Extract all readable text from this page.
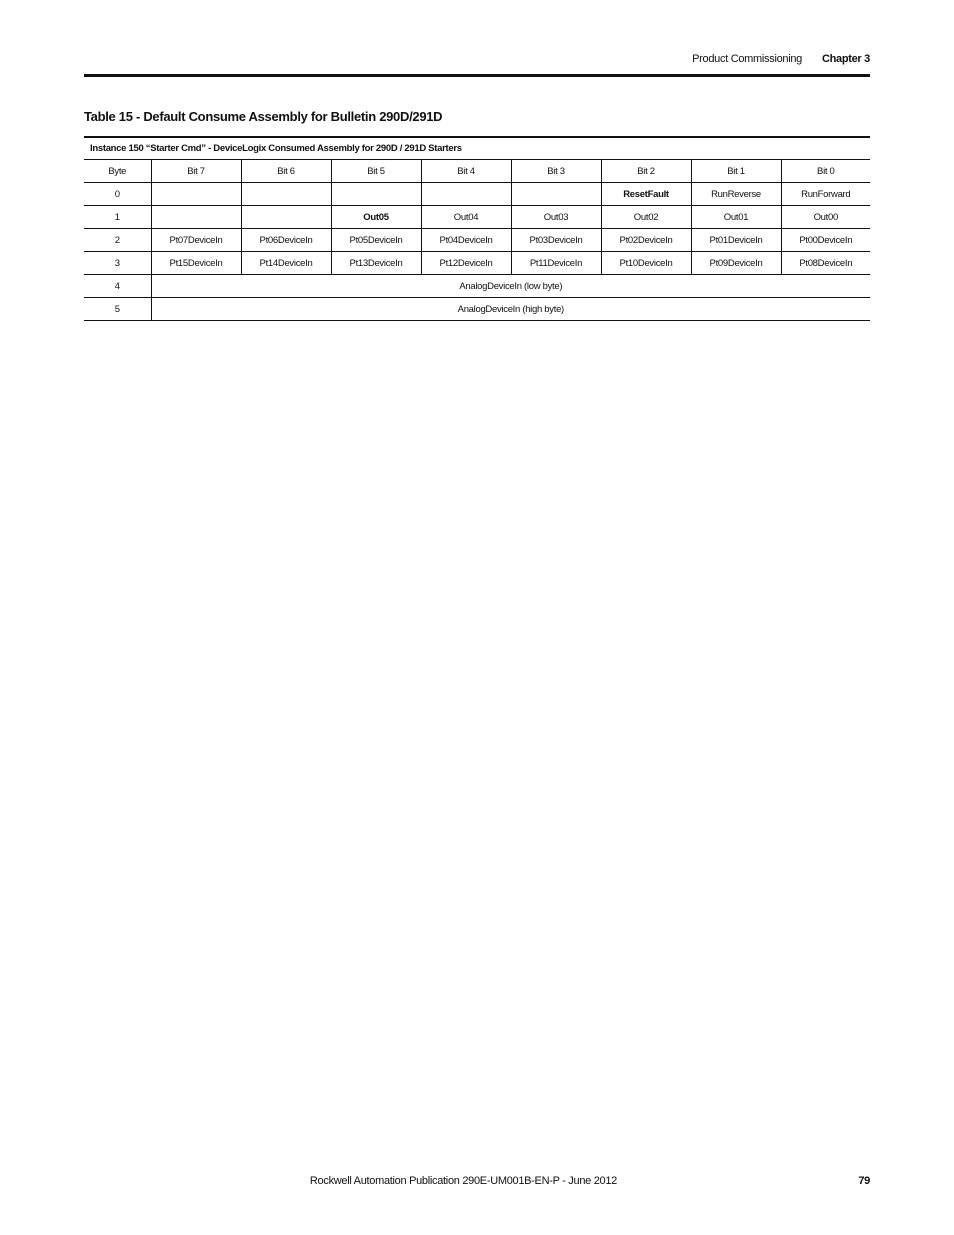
Product Commissioning Chapter 3
Table 15 - Default Consume Assembly for Bulletin 290D/291D
Instance 150 “Starter Cmd” - DeviceLogix Consumed Assembly for 290D / 291D Starters								
Byte	Bit 7	Bit 6	Bit 5	Bit 4	Bit 3	Bit 2	Bit 1	Bit 0
0						ResetFault	RunReverse	RunForward
1			Out05	Out04	Out03	Out02	Out01	Out00
2	Pt07DeviceIn	Pt06DeviceIn	Pt05DeviceIn	Pt04DeviceIn	Pt03DeviceIn	Pt02DeviceIn	Pt01DeviceIn	Pt00DeviceIn
3	Pt15DeviceIn	Pt14DeviceIn	Pt13DeviceIn	Pt12DeviceIn	Pt11DeviceIn	Pt10DeviceIn	Pt09DeviceIn	Pt08DeviceIn
4	AnalogDeviceIn (low byte)							
5	AnalogDeviceIn (high byte)							
Rockwell Automation Publication 290E-UM001B-EN-P - June 2012	79
